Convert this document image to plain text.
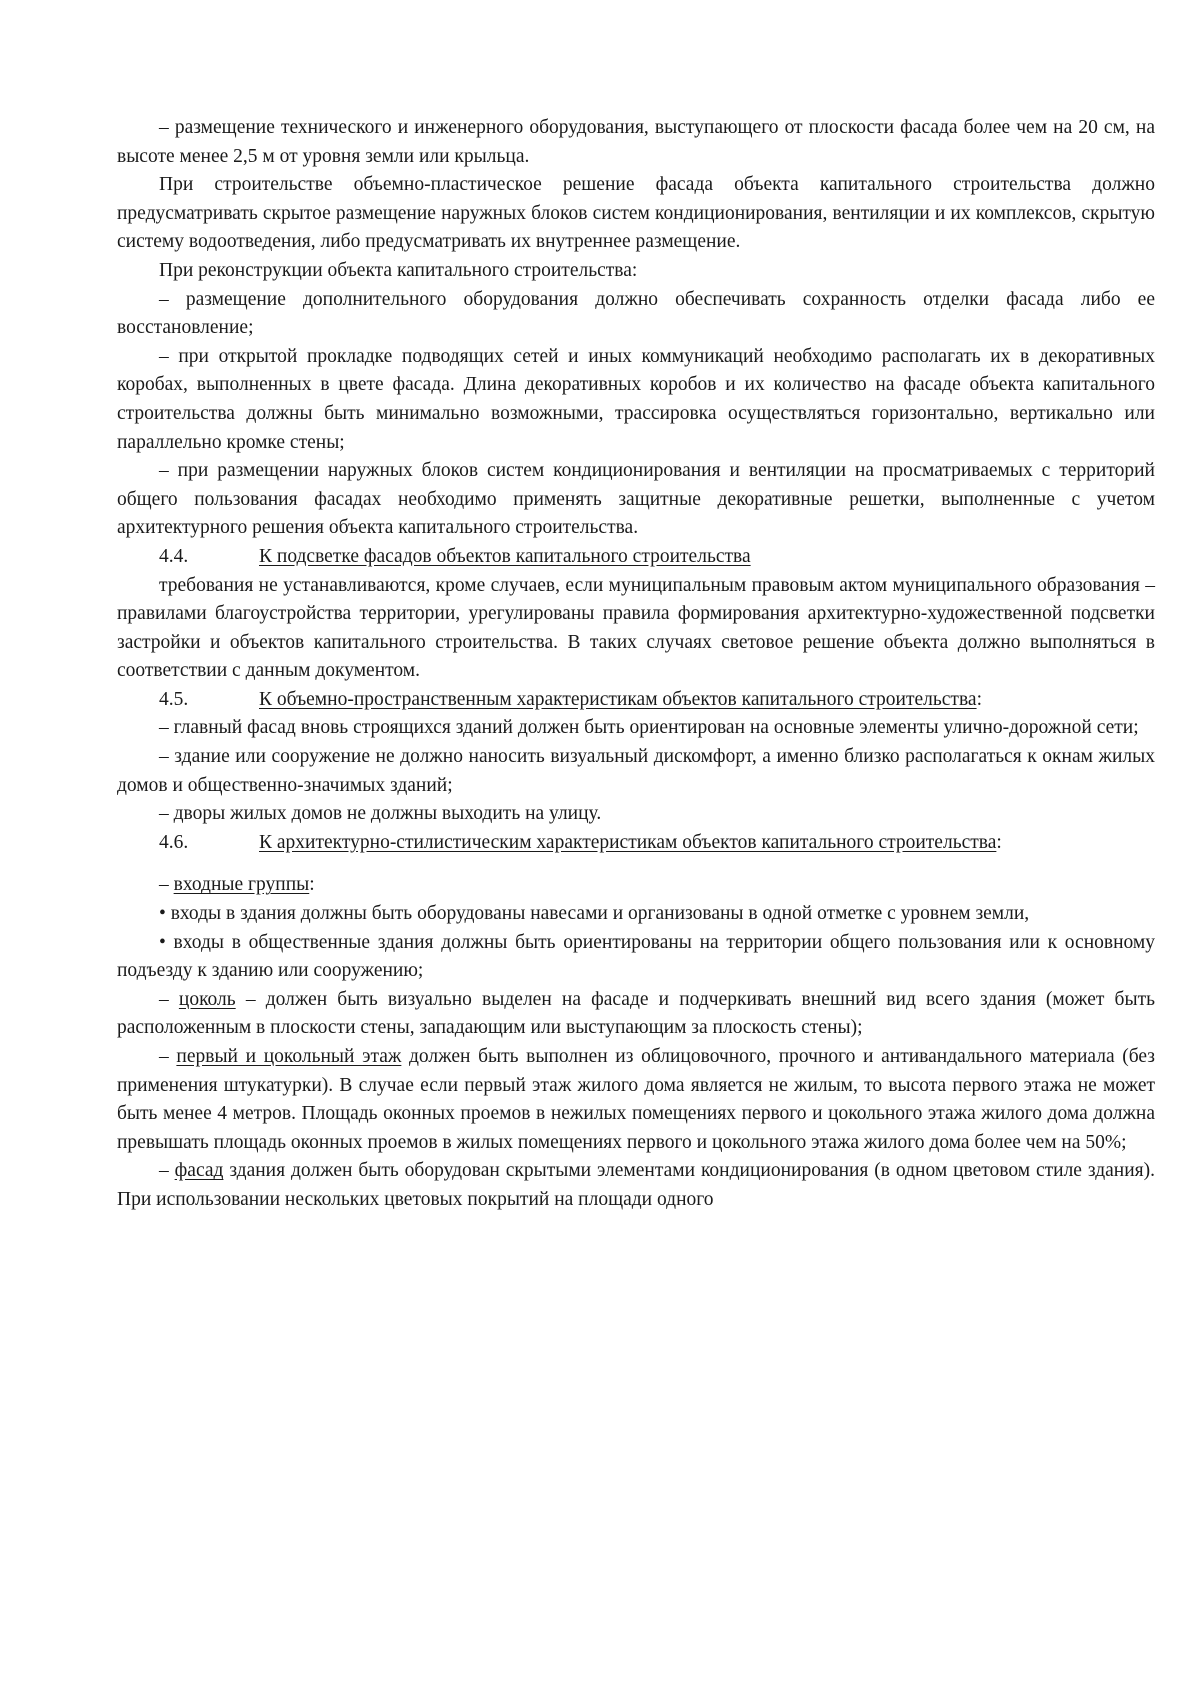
– размещение технического и инженерного оборудования, выступающего от плоскости фасада более чем на 20 см, на высоте менее 2,5 м от уровня земли или крыльца.

При строительстве объемно-пластическое решение фасада объекта капитального строительства должно предусматривать скрытое размещение наружных блоков систем кондиционирования, вентиляции и их комплексов, скрытую систему водоотведения, либо предусматривать их внутреннее размещение.

При реконструкции объекта капитального строительства:

– размещение дополнительного оборудования должно обеспечивать сохранность отделки фасада либо ее восстановление;

– при открытой прокладке подводящих сетей и иных коммуникаций необходимо располагать их в декоративных коробах, выполненных в цвете фасада. Длина декоративных коробов и их количество на фасаде объекта капитального строительства должны быть минимально возможными, трассировка осуществляться горизонтально, вертикально или параллельно кромке стены;

– при размещении наружных блоков систем кондиционирования и вентиляции на просматриваемых с территорий общего пользования фасадах необходимо применять защитные декоративные решетки, выполненные с учетом архитектурного решения объекта капитального строительства.

4.4.	К подсветке фасадов объектов капитального строительства

требования не устанавливаются, кроме случаев, если муниципальным правовым актом муниципального образования – правилами благоустройства территории, урегулированы правила формирования архитектурно-художественной подсветки застройки и объектов капитального строительства. В таких случаях световое решение объекта должно выполняться в соответствии с данным документом.

4.5.	К объемно-пространственным характеристикам объектов капитального строительства:

– главный фасад вновь строящихся зданий должен быть ориентирован на основные элементы улично-дорожной сети;

– здание или сооружение не должно наносить визуальный дискомфорт, а именно близко располагаться к окнам жилых домов и общественно-значимых зданий;

– дворы жилых домов не должны выходить на улицу.

4.6.	К архитектурно-стилистическим характеристикам объектов капитального строительства:

– входные группы:

• входы в здания должны быть оборудованы навесами и организованы в одной отметке с уровнем земли,

• входы в общественные здания должны быть ориентированы на территории общего пользования или к основному подъезду к зданию или сооружению;

– цоколь – должен быть визуально выделен на фасаде и подчеркивать внешний вид всего здания (может быть расположенным в плоскости стены, западающим или выступающим за плоскость стены);

– первый и цокольный этаж должен быть выполнен из облицовочного, прочного и антивандального материала (без применения штукатурки). В случае если первый этаж жилого дома является не жилым, то высота первого этажа не может быть менее 4 метров. Площадь оконных проемов в нежилых помещениях первого и цокольного этажа жилого дома должна превышать площадь оконных проемов в жилых помещениях первого и цокольного этажа жилого дома более чем на 50%;

– фасад здания должен быть оборудован скрытыми элементами кондиционирования (в одном цветовом стиле здания). При использовании нескольких цветовых покрытий на площади одного
